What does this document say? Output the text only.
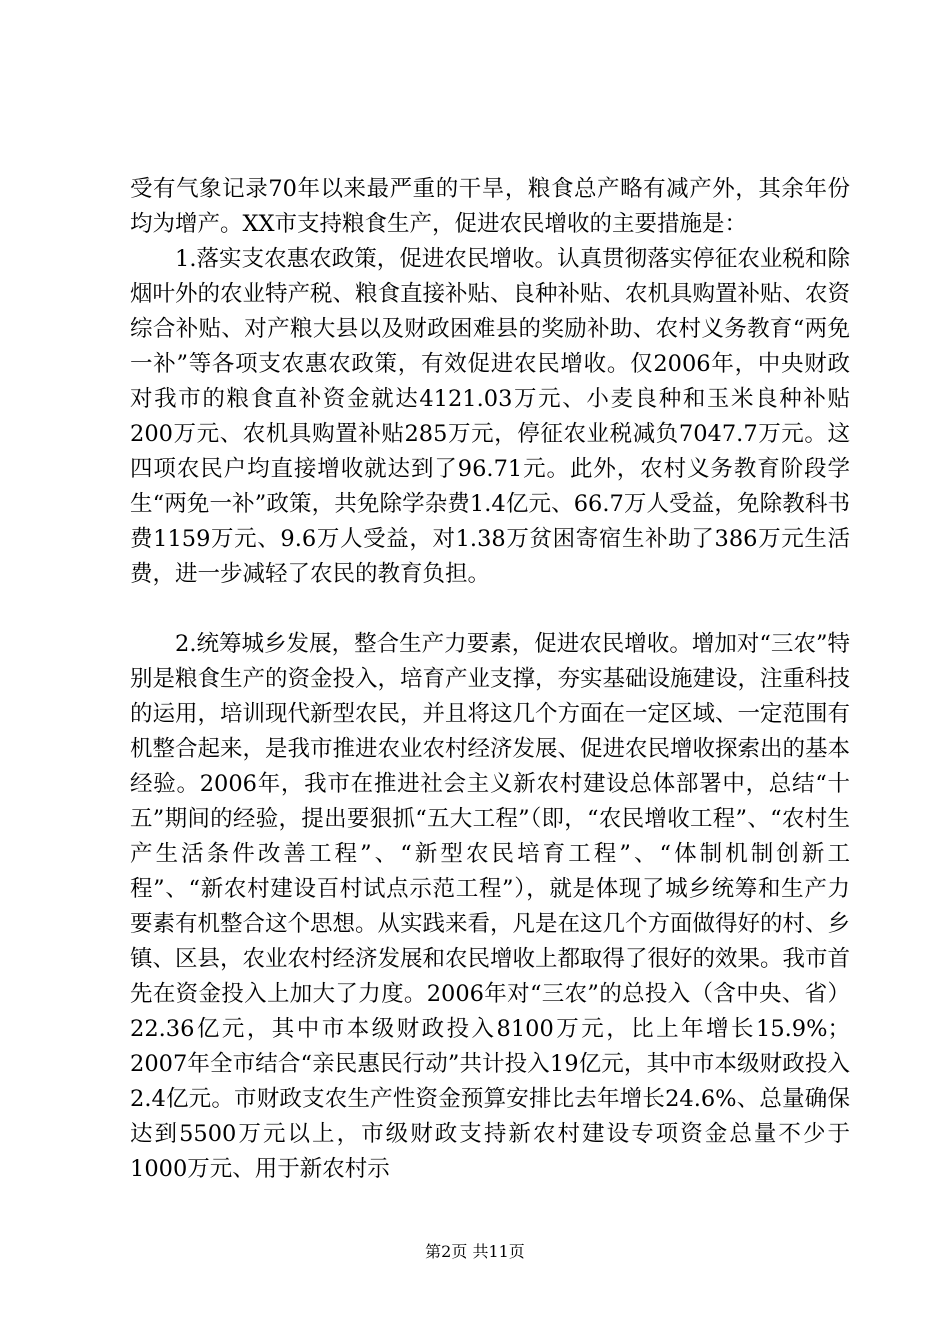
受有气象记录70年以来最严重的干旱，粮食总产略有减产外，其余年份均为增产。XX市支持粮食生产，促进农民增收的主要措施是：

1.落实支农惠农政策，促进农民增收。认真贯彻落实停征农业税和除烟叶外的农业特产税、粮食直接补贴、良种补贴、农机具购置补贴、农资综合补贴、对产粮大县以及财政困难县的奖励补助、农村义务教育“两免一补”等各项支农惠农政策，有效促进农民增收。仅2006年，中央财政对我市的粮食直补资金就达4121.03万元、小麦良种和玉米良种补贴200万元、农机具购置补贴285万元，停征农业税减负7047.7万元。这四项农民户均直接增收就达到了96.71元。此外，农村义务教育阶段学生“两免一补”政策，共免除学杂费1.4亿元、66.7万人受益，免除教科书费1159万元、9.6万人受益，对1.38万贫困寄宿生补助了386万元生活费，进一步减轻了农民的教育负担。

2.统筹城乡发展，整合生产力要素，促进农民增收。增加对“三农”特别是粮食生产的资金投入，培育产业支撑，夯实基础设施建设，注重科技的运用，培训现代新型农民，并且将这几个方面在一定区域、一定范围有机整合起来，是我市推进农业农村经济发展、促进农民增收探索出的基本经验。2006年，我市在推进社会主义新农村建设总体部署中，总结“十五”期间的经验，提出要狠抓“五大工程”（即，“农民增收工程”、“农村生产生活条件改善工程”、“新型农民培育工程”、“体制机制创新工程”、“新农村建设百村试点示范工程”），就是体现了城乡统筹和生产力要素有机整合这个思想。从实践来看，凡是在这几个方面做得好的村、乡镇、区县，农业农村经济发展和农民增收上都取得了很好的效果。我市首先在资金投入上加大了力度。2006年对“三农”的总投入（含中央、省）22.36亿元，其中市本级财政投入8100万元，比上年增长15.9%；2007年全市结合“亲民惠民行动”共计投入19亿元，其中市本级财政投入2.4亿元。市财政支农生产性资金预算安排比去年增长24.6%、总量确保达到5500万元以上，市级财政支持新农村建设专项资金总量不少于1000万元、用于新农村示

第2页 共11页
